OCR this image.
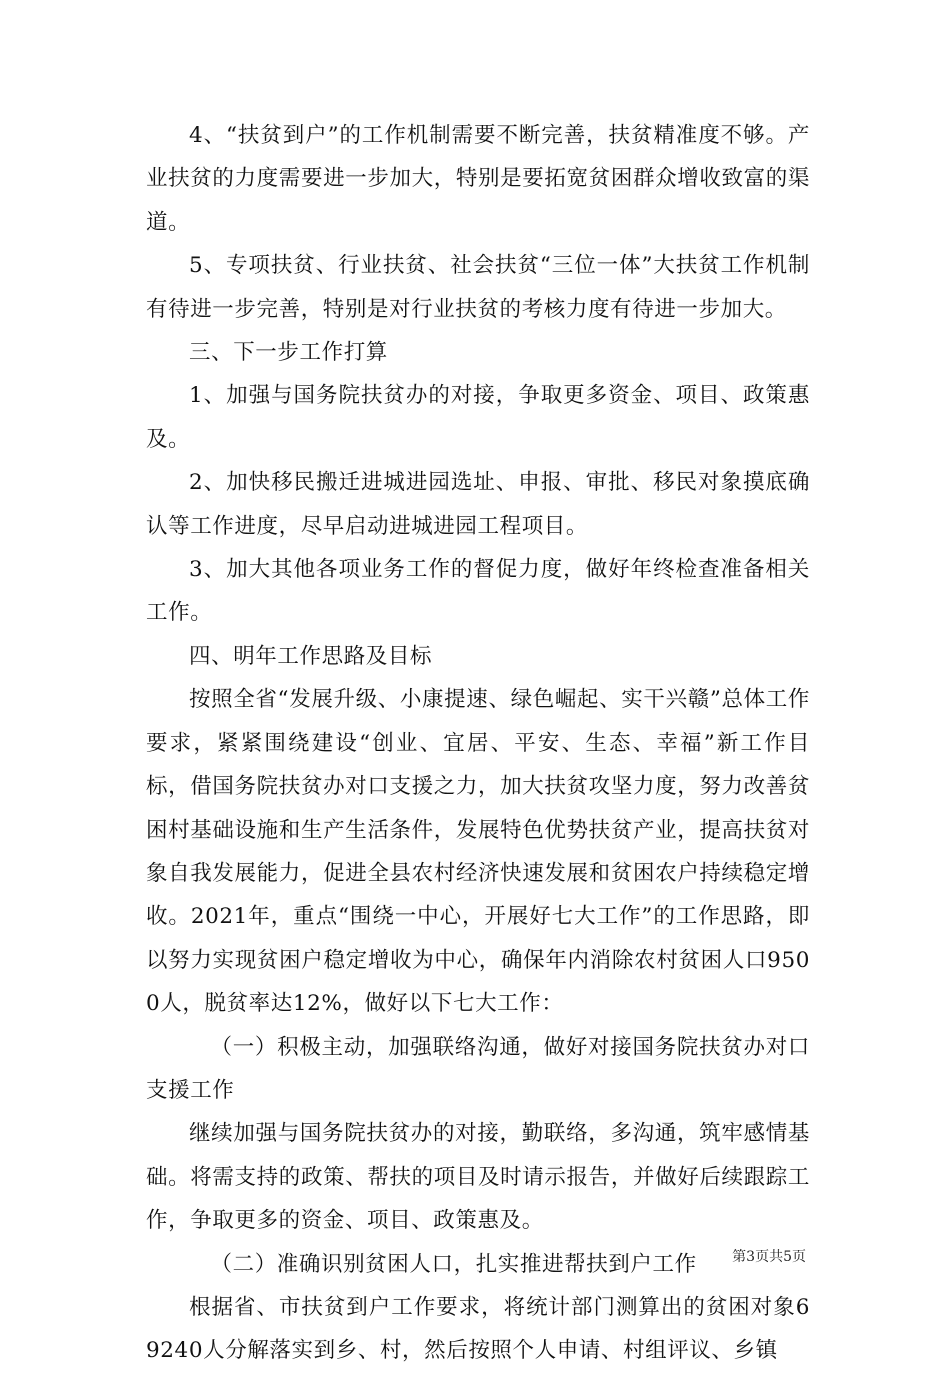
4、“扶贫到户”的工作机制需要不断完善，扶贫精准度不够。产业扶贫的力度需要进一步加大，特别是要拓宽贫困群众增收致富的渠道。

5、专项扶贫、行业扶贫、社会扶贫“三位一体”大扶贫工作机制有待进一步完善，特别是对行业扶贫的考核力度有待进一步加大。

三、下一步工作打算

1、加强与国务院扶贫办的对接，争取更多资金、项目、政策惠及。

2、加快移民搬迁进城进园选址、申报、审批、移民对象摸底确认等工作进度，尽早启动进城进园工程项目。

3、加大其他各项业务工作的督促力度，做好年终检查准备相关工作。

四、明年工作思路及目标

按照全省“发展升级、小康提速、绿色崛起、实干兴赣”总体工作要求，紧紧围绕建设“创业、宜居、平安、生态、幸福”新工作目标，借国务院扶贫办对口支援之力，加大扶贫攻坚力度，努力改善贫困村基础设施和生产生活条件，发展特色优势扶贫产业，提高扶贫对象自我发展能力，促进全县农村经济快速发展和贫困农户持续稳定增收。2021年，重点“围绕一中心，开展好七大工作”的工作思路，即以努力实现贫困户稳定增收为中心，确保年内消除农村贫困人口9500人，脱贫率达12%，做好以下七大工作：

（一）积极主动，加强联络沟通，做好对接国务院扶贫办对口支援工作

继续加强与国务院扶贫办的对接，勤联络，多沟通，筑牢感情基础。将需支持的政策、帮扶的项目及时请示报告，并做好后续跟踪工作，争取更多的资金、项目、政策惠及。

（二）准确识别贫困人口，扎实推进帮扶到户工作

根据省、市扶贫到户工作要求，将统计部门测算出的贫困对象69240人分解落实到乡、村，然后按照个人申请、村组评议、乡镇

第3页共5页
